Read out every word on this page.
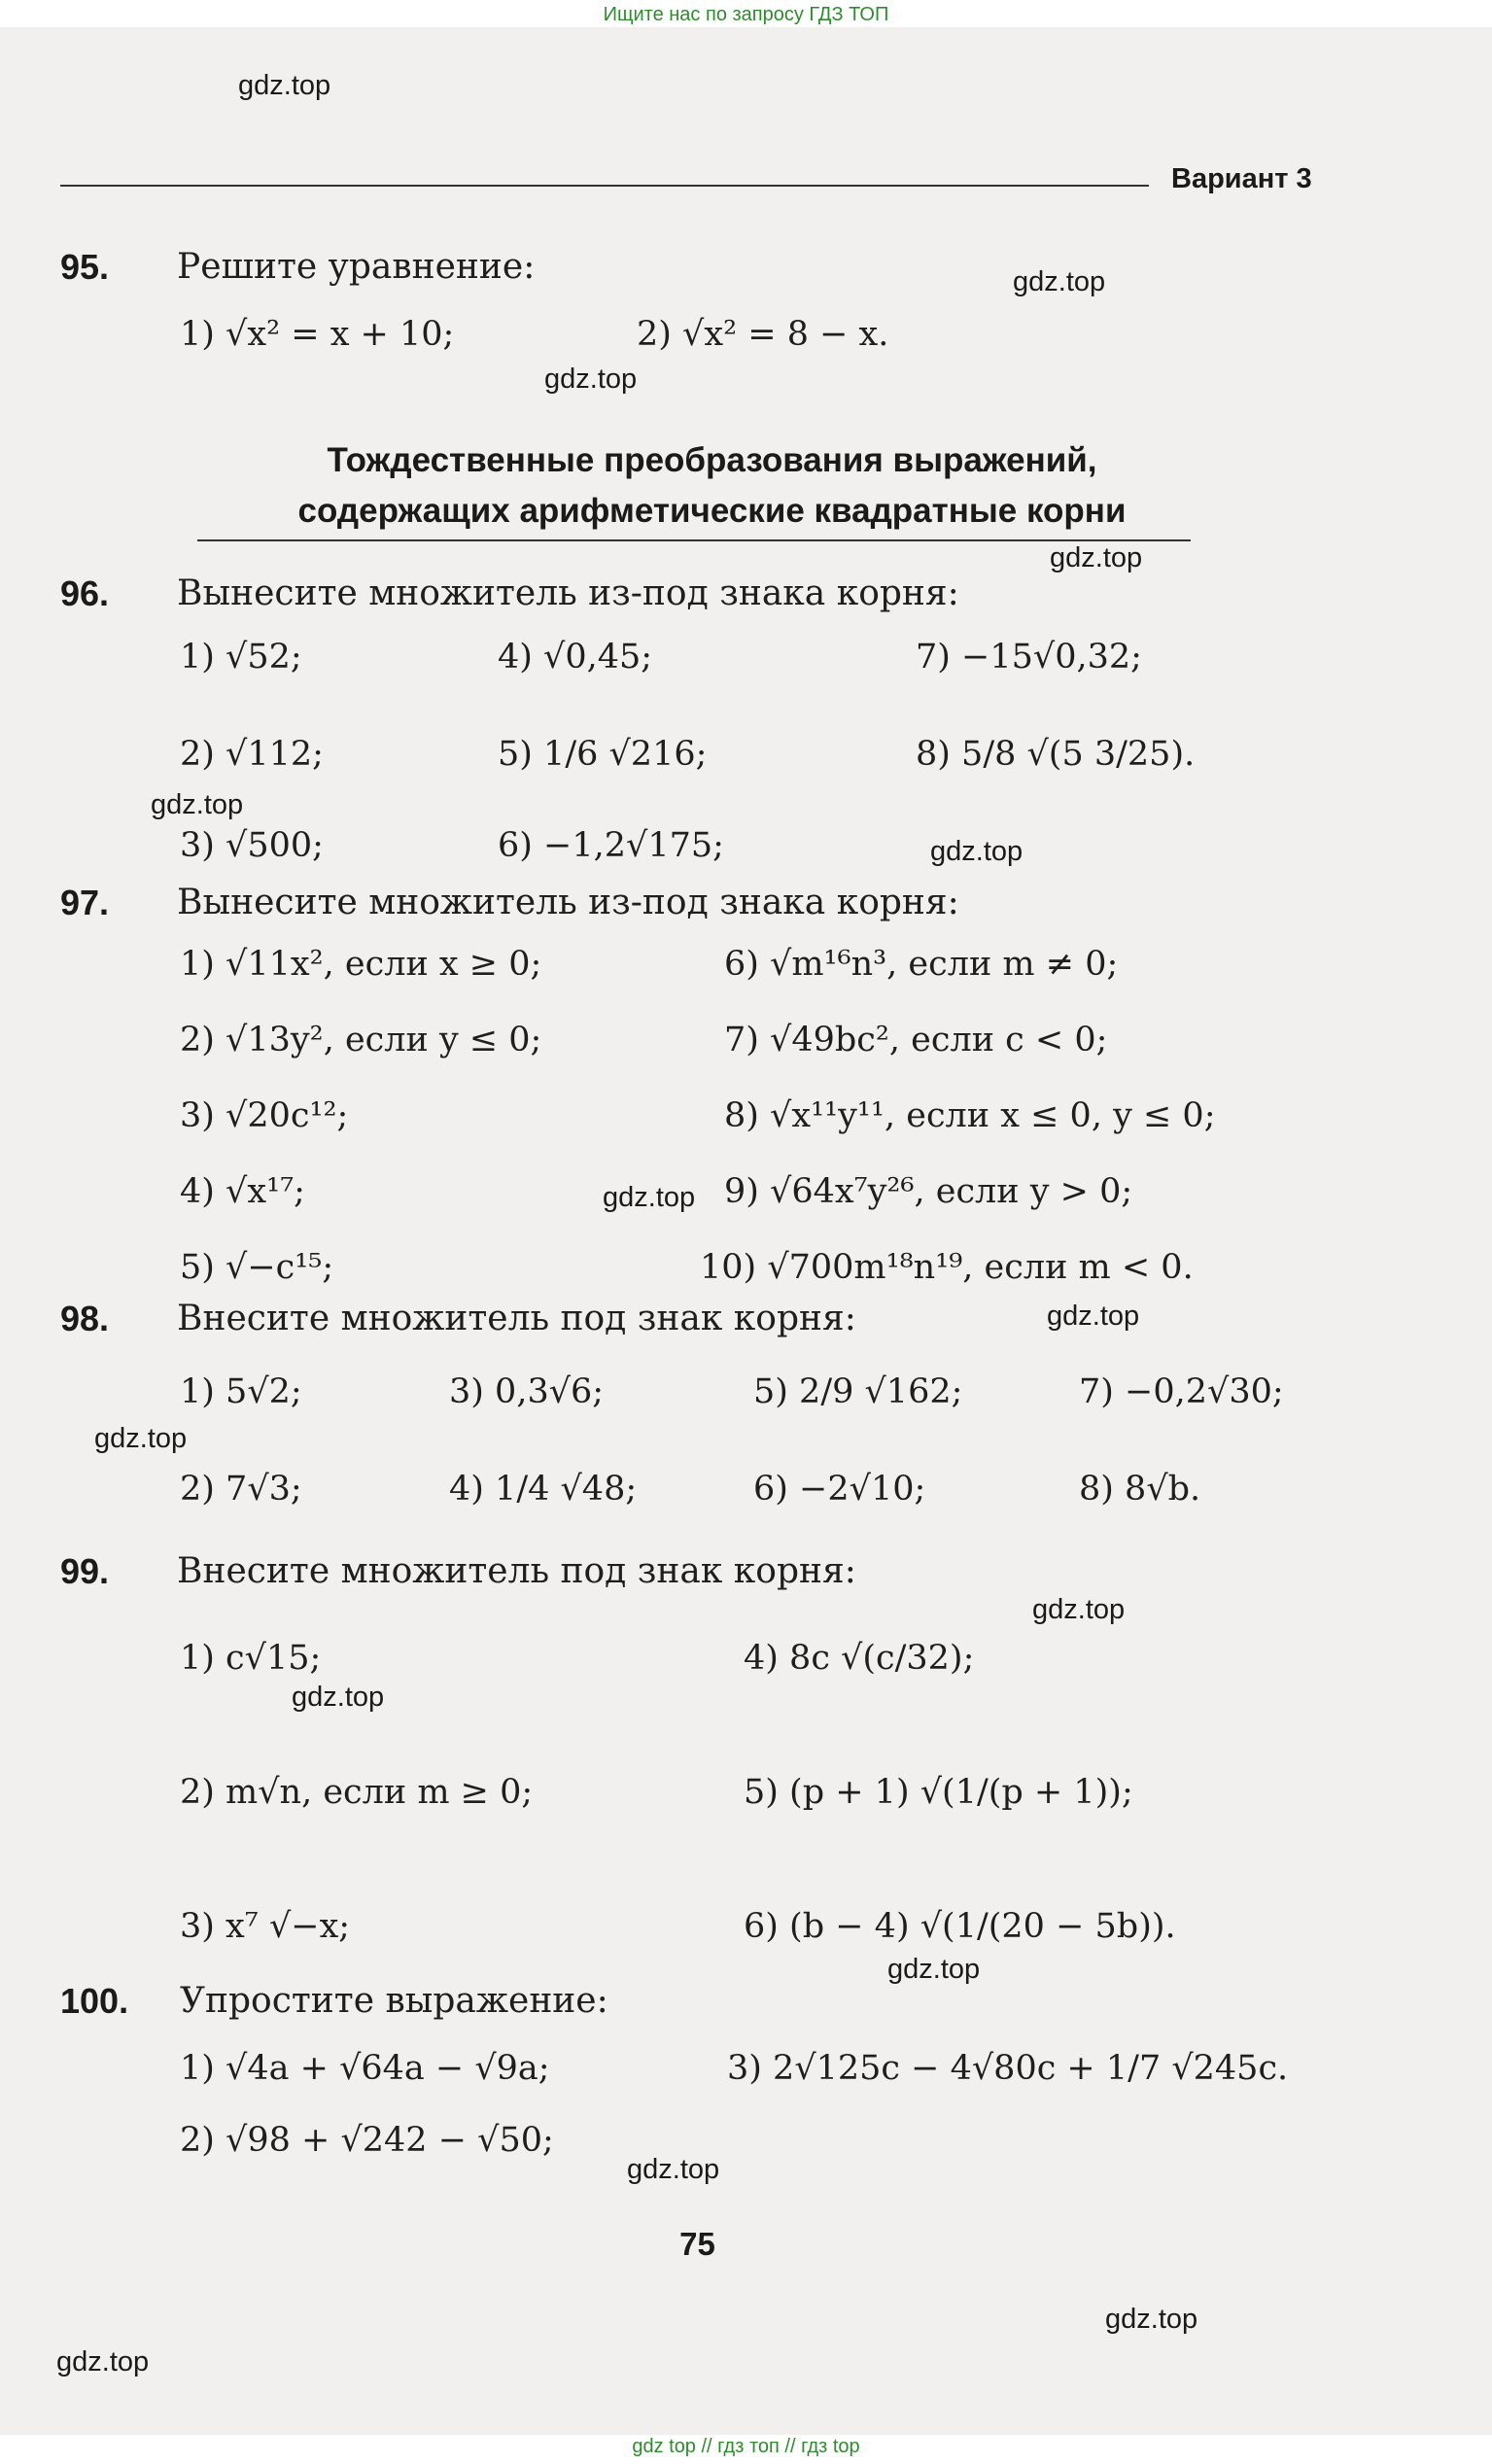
Ищите нас по запросу ГДЗ ТОП
Вариант 3
gdz.top
gdz.top
gdz.top
gdz.top
gdz.top
gdz.top
gdz.top
gdz.top
gdz.top
gdz.top
gdz.top
gdz.top
gdz.top
gdz.top
gdz.top
95. Решите уравнение:
1) √x² = x + 10;	2) √x² = 8 − x.
Тождественные преобразования выражений,
содержащих арифметические квадратные корни
96. Вынесите множитель из-под знака корня:
1) √52;	4) √0,45;	7) −15√0,32;
2) √112;	5) 1/6 √216;	8) 5/8 √(5 3/25).
3) √500;	6) −1,2√175;
97. Вынесите множитель из-под знака корня:
1) √11x², если x ≥ 0;	6) √m¹⁶n³, если m ≠ 0;
2) √13y², если y ≤ 0;	7) √49bc², если c < 0;
3) √20c¹²;	8) √x¹¹y¹¹, если x ≤ 0, y ≤ 0;
4) √x¹⁷;	9) √64x⁷y²⁶, если y > 0;
5) √−c¹⁵;	10) √700m¹⁸n¹⁹, если m < 0.
98. Внесите множитель под знак корня:
1) 5√2;	3) 0,3√6;	5) 2/9 √162;	7) −0,2√30;
2) 7√3;	4) 1/4 √48;	6) −2√10;	8) 8√b.
99. Внесите множитель под знак корня:
1) c√15;	4) 8c √(c/32);
2) m√n, если m ≥ 0;	5) (p + 1) √(1/(p + 1));
3) x⁷ √−x;	6) (b − 4) √(1/(20 − 5b)).
100. Упростите выражение:
1) √4a + √64a − √9a;	3) 2√125c − 4√80c + 1/7 √245c.
2) √98 + √242 − √50;
75
gdz top // гдз топ // гдз top
